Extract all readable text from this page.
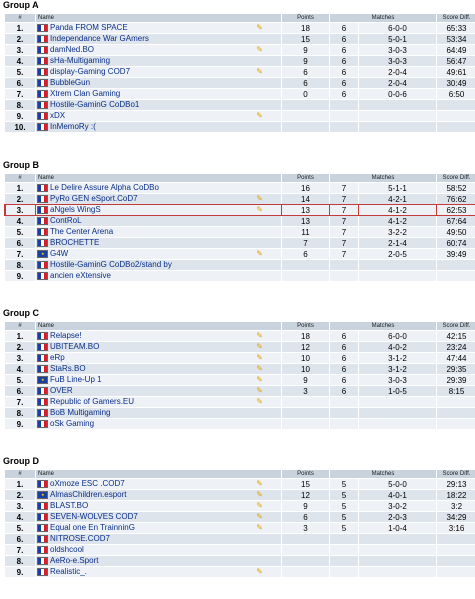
Group A
#	Name	Points	Matches		Score Diff.
1.	Panda FROM SPACE ✎	18	6	6-0-0	65:33
2.	Independance War GAmers	15	6	5-0-1	53:34
3.	damNed.BO ✎	9	6	3-0-3	64:49
4.	sHa-Multigaming	9	6	3-0-3	56:47
5.	display-Gaming COD7 ✎	6	6	2-0-4	49:61
6.	BubbleGun	6	6	2-0-4	30:49
7.	Xtrem Clan Gaming	0	6	0-0-6	6:50
8.	Hostile-GaminG CoDBo1				
9.	xDX ✎				

10.	InMemoRy :(				
Group B
#	Name	Points	Matches		Score Diff.
1.	Le Delire Assure Alpha CoDBo	16	7	5-1-1	58:52
2.	PyRo GEN eSport.CoD7 ✎	14	7	4-2-1	76:62
3.	aNgels WingS ✎	13	7	4-1-2	62:53
4.	ContRoL	13	7	4-1-2	67:64
5.	The Center Arena	11	7	3-2-2	49:50
6.	BROCHETTE	7	7	2-1-4	60:74
7.	★G4W ✎	6	7	2-0-5	39:49
8.	Hostile-GaminG CoDBo2/stand by				
9.	ancien eXtensive				
Group C
#	Name	Points	Matches		Score Diff.
1.	Relapse! ✎	18	6	6-0-0	42:15
2.	UBITEAM.BO ✎	12	6	4-0-2	23:24
3.	eRp ✎	10	6	3-1-2	47:44
4.	StaRs.BO ✎	10	6	3-1-2	29:35
5.	★FuB Line-Up 1 ✎	9	6	3-0-3	29:39
6.	OVER ✎	3	6	1-0-5	8:15
7.	Republic of Gamers.EU ✎				

8.	BoB Multigaming				
9.	oSk Gaming				
Group D
#	Name	Points	Matches		Score Diff.
1.	oXmoze ESC .COD7 ✎	15	5	5-0-0	29:13
2.	★AlmasChildren.esport ✎	12	5	4-0-1	18:22
3.	BLAST.BO ✎	9	5	3-0-2	3:2
4.	SEVEN-WOLVES COD7 ✎	6	5	2-0-3	34:29
5.	Equal one En TrainninG ✎	3	5	1-0-4	3:16
6.	NITROSE.COD7				
7.	oldshcool				
8.	AeRo-e.Sport				
9.	Realistic_. ✎				
